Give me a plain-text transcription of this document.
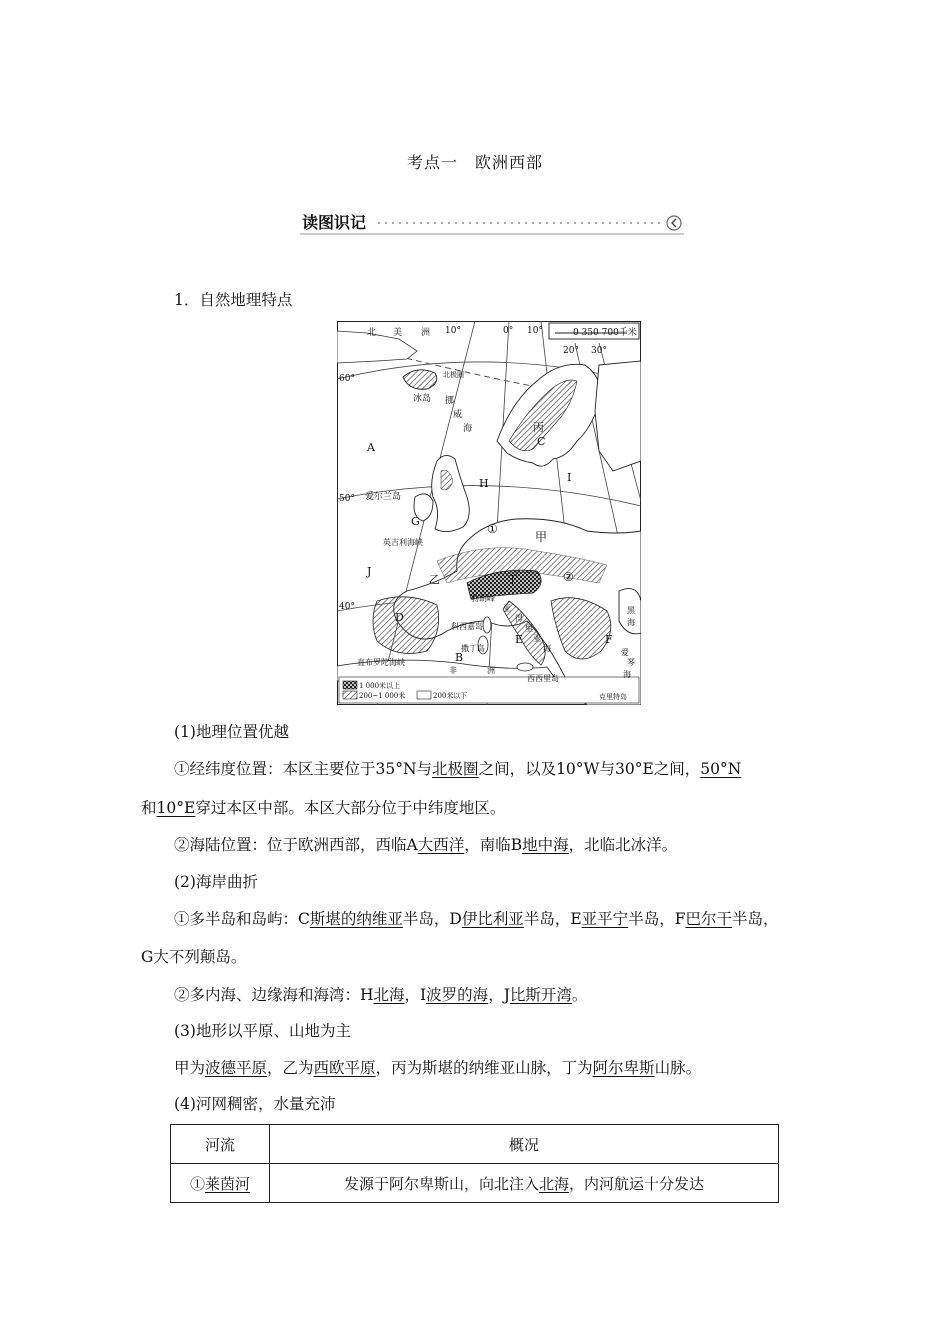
考点一　欧洲西部
读图识记
1．自然地理特点
0 350 700千米
10°	0° 10°
20° 30°
60°
50°
40°
北 美 洲
冰岛
北极圈
挪
威
海	丙
C
A
H	I
爱尔兰岛
G
①
甲
英吉利海峡
J
乙	丁	②
勃朗峰
D
科西嘉岛
撒丁岛
亚
得
里
亚
海
E	F
黑
海
直布罗陀海峡	B
非	洲
西西里岛
爱
琴
海
克里特岛
1 000米以上
200~1 000米	200米以下
(1)地理位置优越
①经纬度位置：本区主要位于35°N与北极圈之间，以及10°W与30°E之间，50°N
和10°E穿过本区中部。本区大部分位于中纬度地区。
②海陆位置：位于欧洲西部，西临A大西洋，南临B地中海，北临北冰洋。
(2)海岸曲折
①多半岛和岛屿：C斯堪的纳维亚半岛，D伊比利亚半岛，E亚平宁半岛，F巴尔干半岛，
G大不列颠岛。
②多内海、边缘海和海湾：H北海，I波罗的海，J比斯开湾。
(3)地形以平原、山地为主
甲为波德平原，乙为西欧平原，丙为斯堪的纳维亚山脉，丁为阿尔卑斯山脉。
(4)河网稠密，水量充沛
河流	概况
①莱茵河	发源于阿尔卑斯山，向北注入北海，内河航运十分发达
